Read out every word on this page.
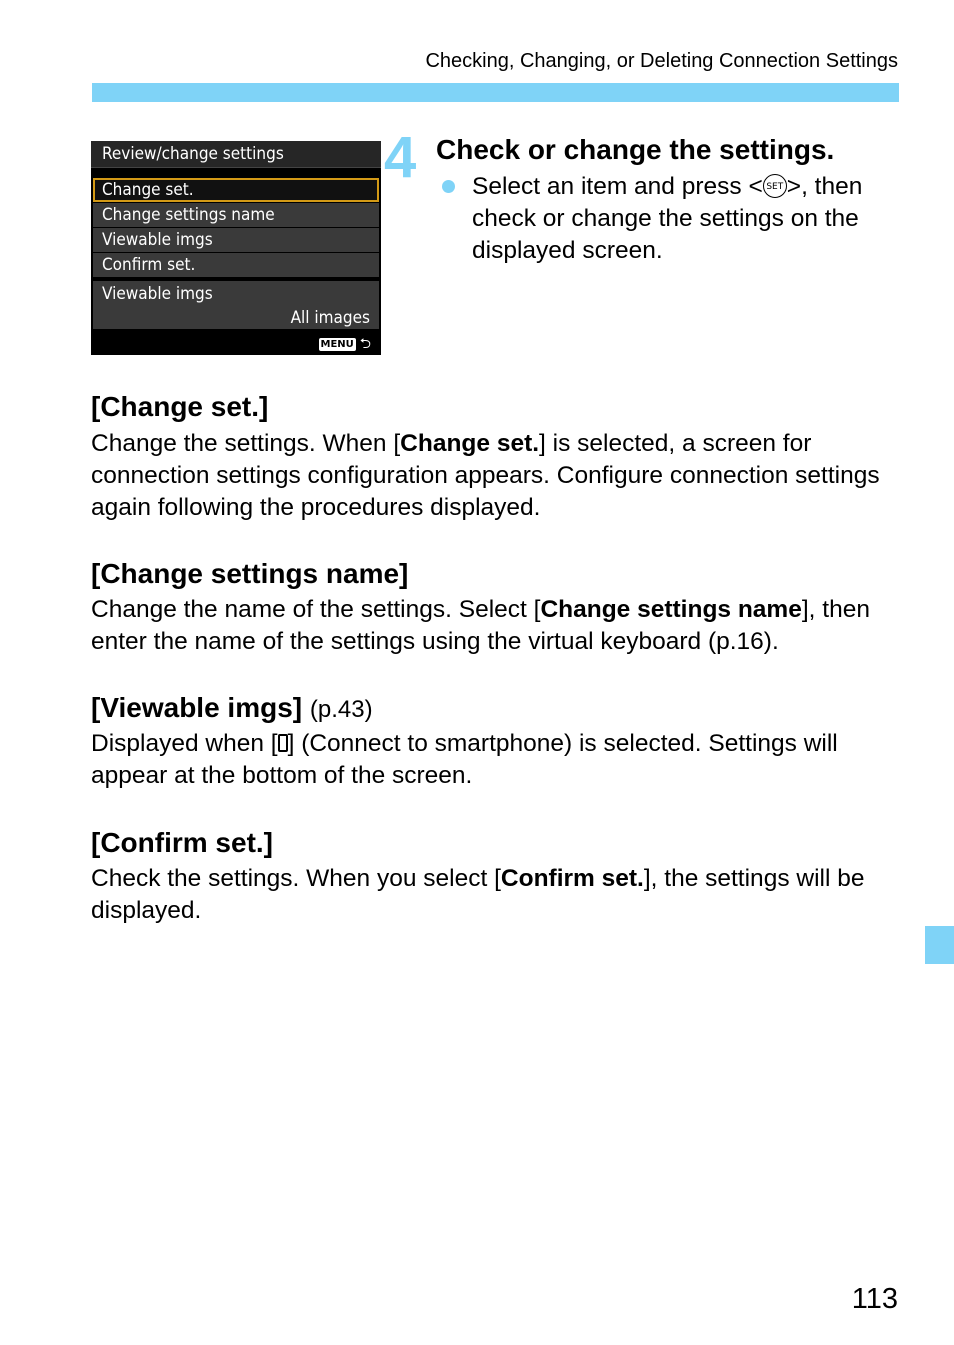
Checking, Changing, or Deleting Connection Settings
Review/change settings
Change set.
Change settings name
Viewable imgs
Confirm set.
Viewable imgs
All images
MENU ⮌
4 Check or change the settings.
Select an item and press < SET >, then check or change the settings on the displayed screen.
[Change set.]
Change the settings. When [Change set.] is selected, a screen for connection settings configuration appears. Configure connection settings again following the procedures displayed.
[Change settings name]
Change the name of the settings. Select [Change settings name], then enter the name of the settings using the virtual keyboard (p.16).
[Viewable imgs] (p.43)
Displayed when [ ] (Connect to smartphone) is selected. Settings will appear at the bottom of the screen.
[Confirm set.]
Check the settings. When you select [Confirm set.], the settings will be displayed.
113
